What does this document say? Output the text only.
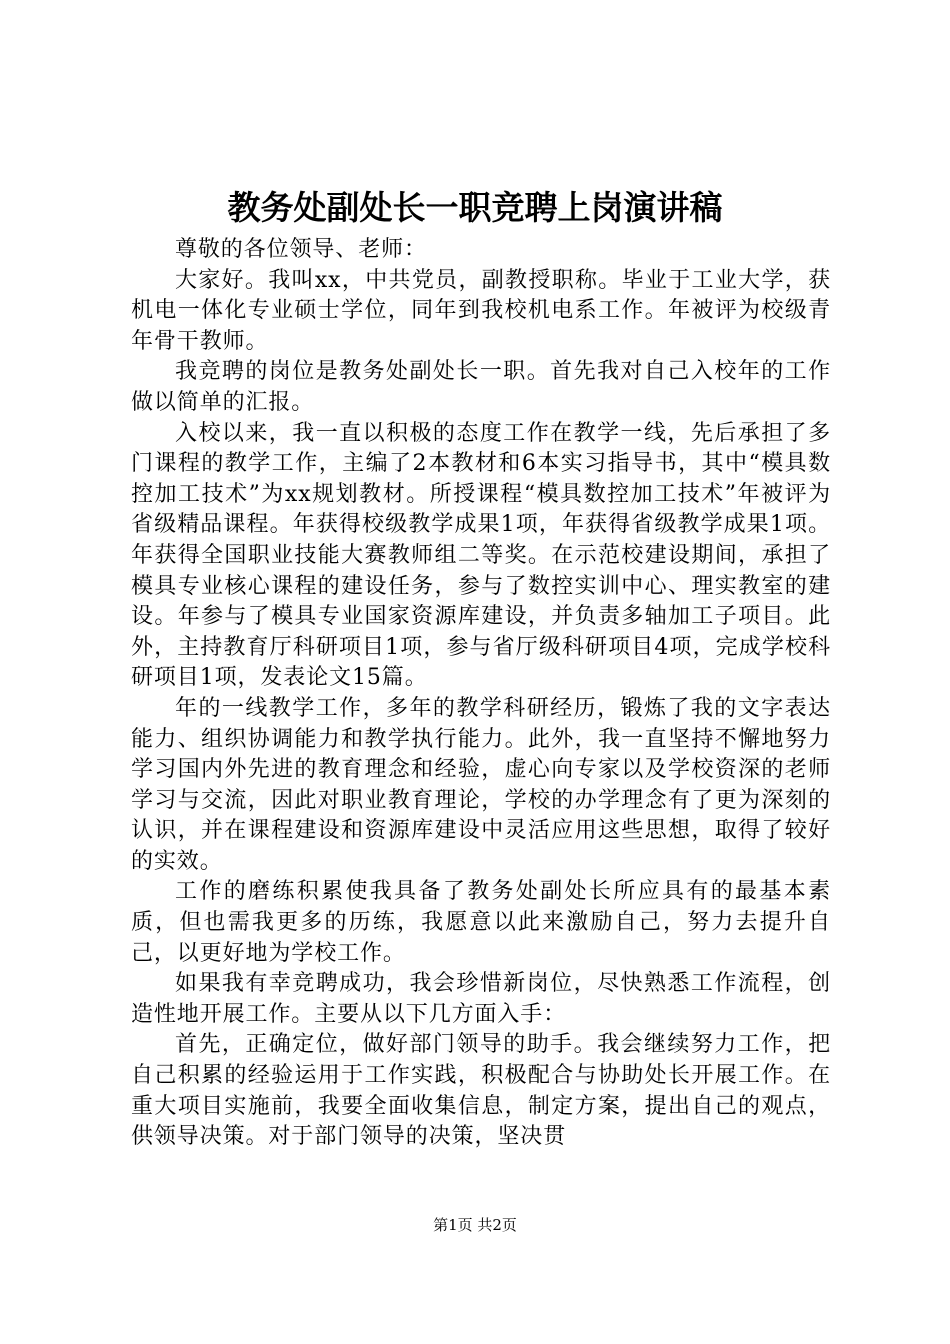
教务处副处长一职竞聘上岗演讲稿

尊敬的各位领导、老师：

大家好。我叫xx，中共党员，副教授职称。毕业于工业大学，获机电一体化专业硕士学位，同年到我校机电系工作。年被评为校级青年骨干教师。

我竞聘的岗位是教务处副处长一职。首先我对自己入校年的工作做以简单的汇报。

入校以来，我一直以积极的态度工作在教学一线，先后承担了多门课程的教学工作，主编了2本教材和6本实习指导书，其中“模具数控加工技术”为xx规划教材。所授课程“模具数控加工技术”年被评为省级精品课程。年获得校级教学成果1项，年获得省级教学成果1项。年获得全国职业技能大赛教师组二等奖。在示范校建设期间，承担了模具专业核心课程的建设任务，参与了数控实训中心、理实教室的建设。年参与了模具专业国家资源库建设，并负责多轴加工子项目。此外，主持教育厅科研项目1项，参与省厅级科研项目4项，完成学校科研项目1项，发表论文15篇。

年的一线教学工作，多年的教学科研经历，锻炼了我的文字表达能力、组织协调能力和教学执行能力。此外，我一直坚持不懈地努力学习国内外先进的教育理念和经验，虚心向专家以及学校资深的老师学习与交流，因此对职业教育理论，学校的办学理念有了更为深刻的认识，并在课程建设和资源库建设中灵活应用这些思想，取得了较好的实效。

工作的磨练积累使我具备了教务处副处长所应具有的最基本素质，但也需我更多的历练，我愿意以此来激励自己，努力去提升自己，以更好地为学校工作。

如果我有幸竞聘成功，我会珍惜新岗位，尽快熟悉工作流程，创造性地开展工作。主要从以下几方面入手：

首先，正确定位，做好部门领导的助手。我会继续努力工作，把自己积累的经验运用于工作实践，积极配合与协助处长开展工作。在重大项目实施前，我要全面收集信息，制定方案，提出自己的观点，供领导决策。对于部门领导的决策，坚决贯

第1页 共2页
